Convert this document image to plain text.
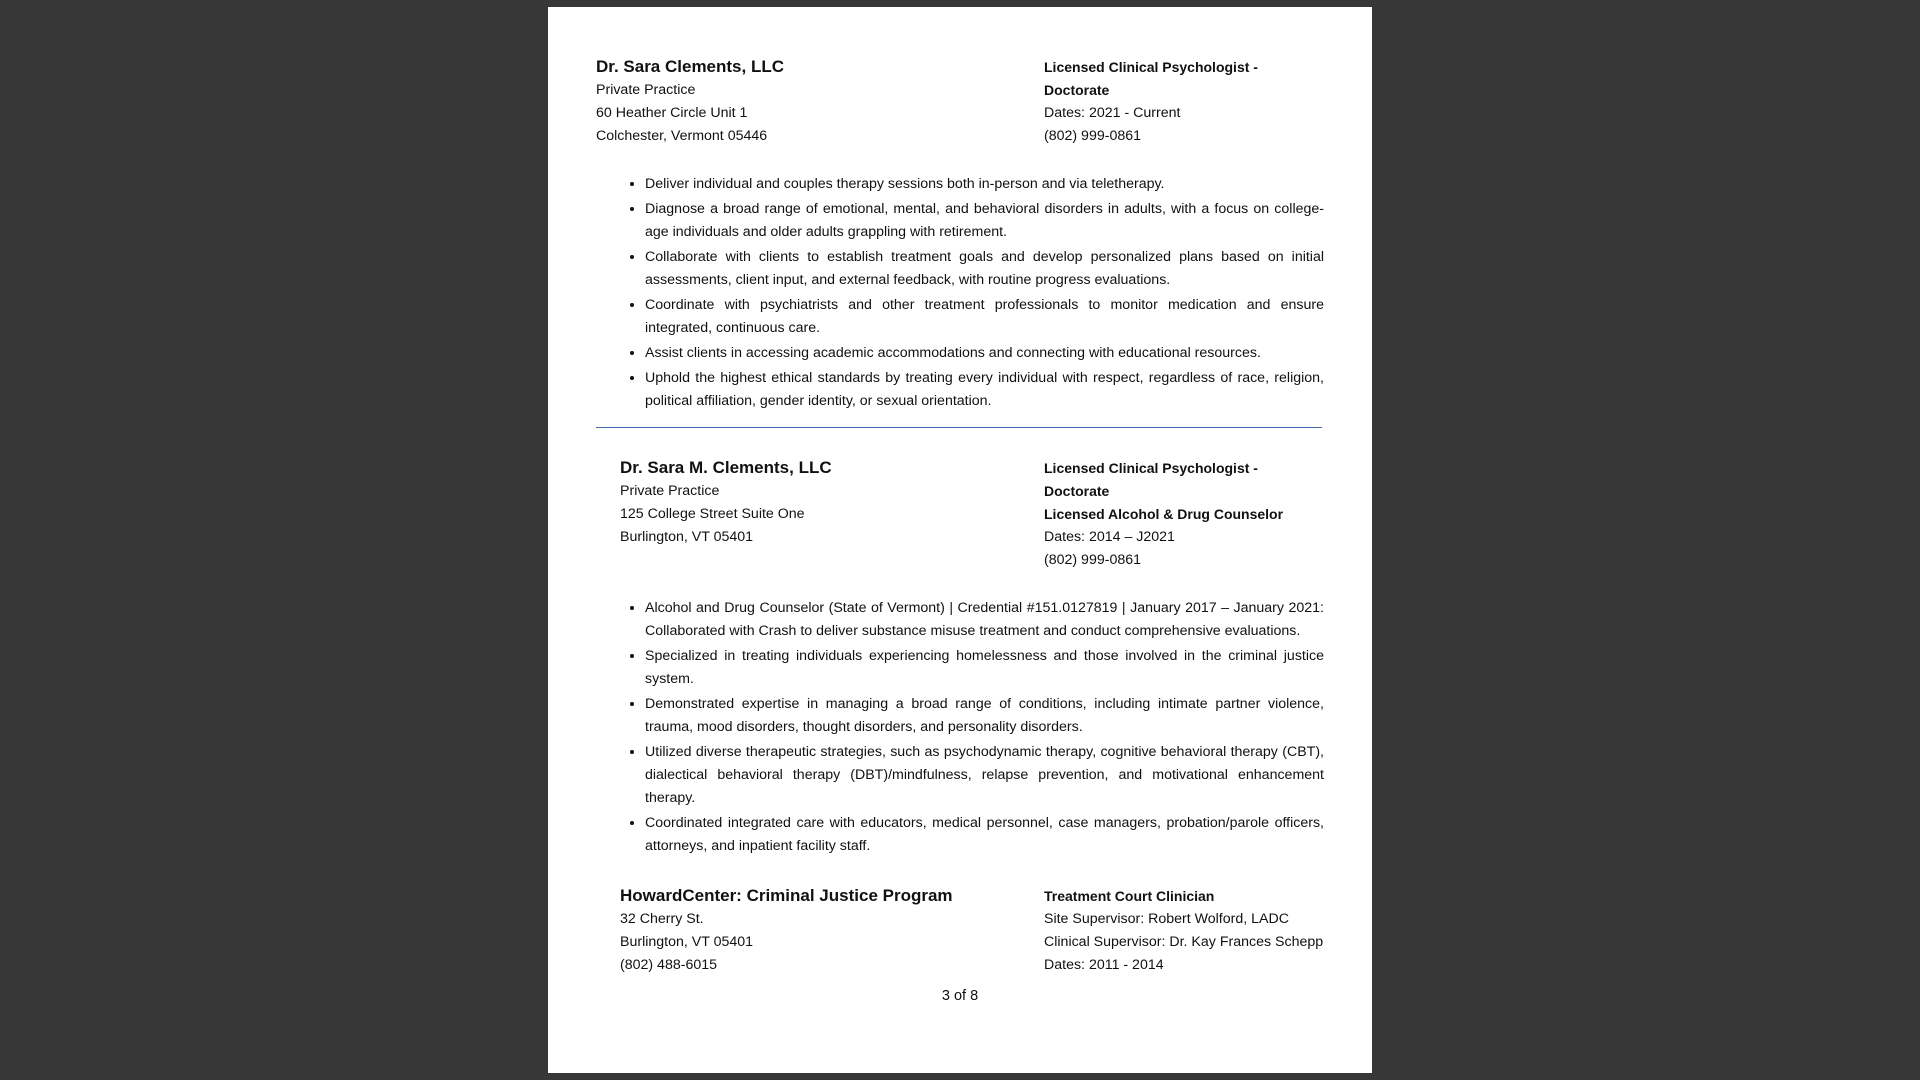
Dr. Sara Clements, LLC
Private Practice
60 Heather Circle Unit 1
Colchester, Vermont 05446
Licensed Clinical Psychologist - Doctorate
Dates: 2021 - Current
(802) 999-0861
• Deliver individual and couples therapy sessions both in-person and via teletherapy.
• Diagnose a broad range of emotional, mental, and behavioral disorders in adults, with a focus on college-age individuals and older adults grappling with retirement.
• Collaborate with clients to establish treatment goals and develop personalized plans based on initial assessments, client input, and external feedback, with routine progress evaluations.
• Coordinate with psychiatrists and other treatment professionals to monitor medication and ensure integrated, continuous care.
• Assist clients in accessing academic accommodations and connecting with educational resources.
• Uphold the highest ethical standards by treating every individual with respect, regardless of race, religion, political affiliation, gender identity, or sexual orientation.
Dr. Sara M. Clements, LLC
Private Practice
125 College Street Suite One
Burlington, VT 05401
Licensed Clinical Psychologist - Doctorate
Licensed Alcohol & Drug Counselor
Dates: 2014 – J2021
(802) 999-0861
• Alcohol and Drug Counselor (State of Vermont) | Credential #151.0127819 | January 2017 – January 2021: Collaborated with Crash to deliver substance misuse treatment and conduct comprehensive evaluations.
• Specialized in treating individuals experiencing homelessness and those involved in the criminal justice system.
• Demonstrated expertise in managing a broad range of conditions, including intimate partner violence, trauma, mood disorders, thought disorders, and personality disorders.
• Utilized diverse therapeutic strategies, such as psychodynamic therapy, cognitive behavioral therapy (CBT), dialectical behavioral therapy (DBT)/mindfulness, relapse prevention, and motivational enhancement therapy.
• Coordinated integrated care with educators, medical personnel, case managers, probation/parole officers, attorneys, and inpatient facility staff.
HowardCenter: Criminal Justice Program
32 Cherry St.
Burlington, VT 05401
(802) 488-6015
Treatment Court Clinician
Site Supervisor: Robert Wolford, LADC
Clinical Supervisor: Dr. Kay Frances Schepp
Dates: 2011 - 2014
3 of 8
